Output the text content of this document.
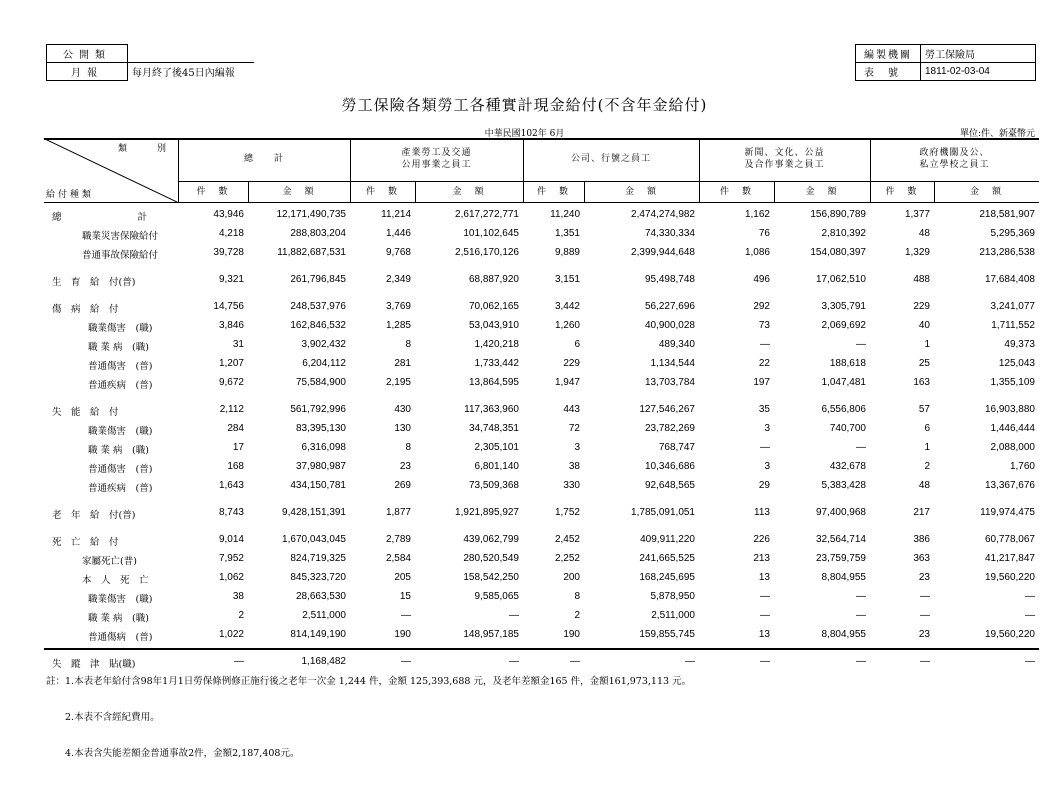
公開類	
月報	每月終了後45日內編報
編製機關	勞工保險局
表號	1811-02-03-04
勞工保險各類勞工各種實計現金給付(不含年金給付)
中華民國102年 6月	單位:件、新臺幣元
類　　別
給付種類
總　　計
產業勞工及交通
公用事業之員工
公司、行號之員工
新聞、文化、公益
及合作事業之員工
政府機關及公、
私立學校之員工
件　數	金　額	件　數	金　額	件　數	金　額	件　數	金　額	件　數	金　額
總　　　　　　　　計	43,946	12,171,490,735	11,214	2,617,272,771	11,240	2,474,274,982	1,162	156,890,789	1,377	218,581,907
職業災害保險給付	4,218	288,803,204	1,446	101,102,645	1,351	74,330,334	76	2,810,392	48	5,295,369
普通事故保險給付	39,728	11,882,687,531	9,768	2,516,170,126	9,889	2,399,944,648	1,086	154,080,397	1,329	213,286,538
生　育　給　付(普)	9,321	261,796,845	2,349	68,887,920	3,151	95,498,748	496	17,062,510	488	17,684,408
傷　病　給　付	14,756	248,537,976	3,769	70,062,165	3,442	56,227,696	292	3,305,791	229	3,241,077
職業傷害　(職)	3,846	162,846,532	1,285	53,043,910	1,260	40,900,028	73	2,069,692	40	1,711,552
職 業 病　(職)	31	3,902,432	8	1,420,218	6	489,340	—	—	1	49,373
普通傷害　(普)	1,207	6,204,112	281	1,733,442	229	1,134,544	22	188,618	25	125,043
普通疾病　(普)	9,672	75,584,900	2,195	13,864,595	1,947	13,703,784	197	1,047,481	163	1,355,109
失　能　給　付	2,112	561,792,996	430	117,363,960	443	127,546,267	35	6,556,806	57	16,903,880
職業傷害　(職)	284	83,395,130	130	34,748,351	72	23,782,269	3	740,700	6	1,446,444
職 業 病　(職)	17	6,316,098	8	2,305,101	3	768,747	—	—	1	2,088,000
普通傷害　(普)	168	37,980,987	23	6,801,140	38	10,346,686	3	432,678	2	1,760
普通疾病　(普)	1,643	434,150,781	269	73,509,368	330	92,648,565	29	5,383,428	48	13,367,676
老　年　給　付(普)	8,743	9,428,151,391	1,877	1,921,895,927	1,752	1,785,091,051	113	97,400,968	217	119,974,475
死　亡　給　付	9,014	1,670,043,045	2,789	439,062,799	2,452	409,911,220	226	32,564,714	386	60,778,067
家屬死亡(普)	7,952	824,719,325	2,584	280,520,549	2,252	241,665,525	213	23,759,759	363	41,217,847
本　人　死　亡	1,062	845,323,720	205	158,542,250	200	168,245,695	13	8,804,955	23	19,560,220
職業傷害　(職)	38	28,663,530	15	9,585,065	8	5,878,950	—	—	—	—
職 業 病　(職)	2	2,511,000	—	—	2	2,511,000	—	—	—	—
普通傷病　(普)	1,022	814,149,190	190	148,957,185	190	159,855,745	13	8,804,955	23	19,560,220
失　蹤　津　貼(職)	—	1,168,482	—	—	—	—	—	—	—	—

註：1.本表老年給付含98年1月1日勞保條例修正施行後之老年一次金 1,244 件，金額 125,393,688 元，及老年差額金165 件，金額161,973,113 元。

　　2.本表不含經紀費用。

　　4.本表含失能差額金普通事故2件，金額2,187,408元。
